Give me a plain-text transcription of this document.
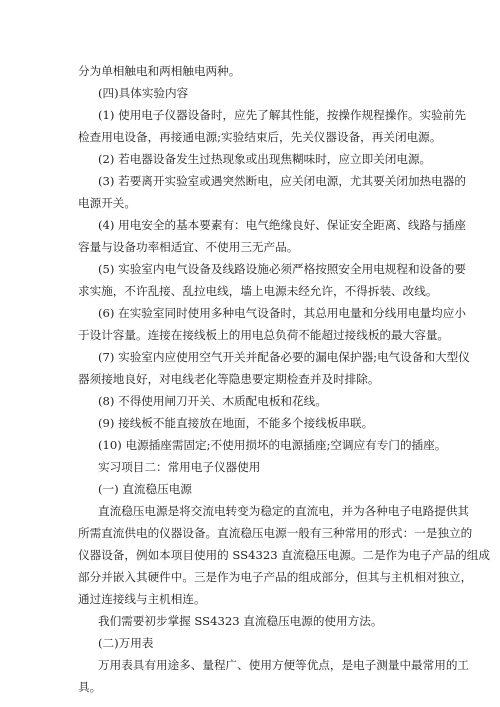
分为单相触电和两相触电两种。
(四)具体实验内容
(1) 使用电子仪器设备时，应先了解其性能，按操作规程操作。实验前先
检查用电设备，再接通电源;实验结束后，先关仪器设备，再关闭电源。
(2) 若电器设备发生过热现象或出现焦糊味时，应立即关闭电源。
(3) 若要离开实验室或遇突然断电，应关闭电源，尤其要关闭加热电器的
电源开关。
(4) 用电安全的基本要素有：电气绝缘良好、保证安全距离、线路与插座
容量与设备功率相适宜、不使用三无产品。
(5) 实验室内电气设备及线路设施必须严格按照安全用电规程和设备的要
求实施，不许乱接、乱拉电线，墙上电源未经允许，不得拆装、改线。
(6) 在实验室同时使用多种电气设备时，其总用电量和分线用电量均应小
于设计容量。连接在接线板上的用电总负荷不能超过接线板的最大容量。
(7) 实验室内应使用空气开关并配备必要的漏电保护器;电气设备和大型仪
器须接地良好，对电线老化等隐患要定期检查并及时排除。
(8) 不得使用闸刀开关、木质配电板和花线。
(9) 接线板不能直接放在地面，不能多个接线板串联。
(10) 电源插座需固定;不使用损坏的电源插座;空调应有专门的插座。
实习项目二：常用电子仪器使用
(一) 直流稳压电源
直流稳压电源是将交流电转变为稳定的直流电，并为各种电子电路提供其
所需直流供电的仪器设备。直流稳压电源一般有三种常用的形式：一是独立的
仪器设备，例如本项目使用的 SS4323 直流稳压电源。二是作为电子产品的组成
部分并嵌入其硬件中。三是作为电子产品的组成部分，但其与主机相对独立，
通过连接线与主机相连。
我们需要初步掌握 SS4323 直流稳压电源的使用方法。
(二)万用表
万用表具有用途多、量程广、使用方便等优点，是电子测量中最常用的工
具。
